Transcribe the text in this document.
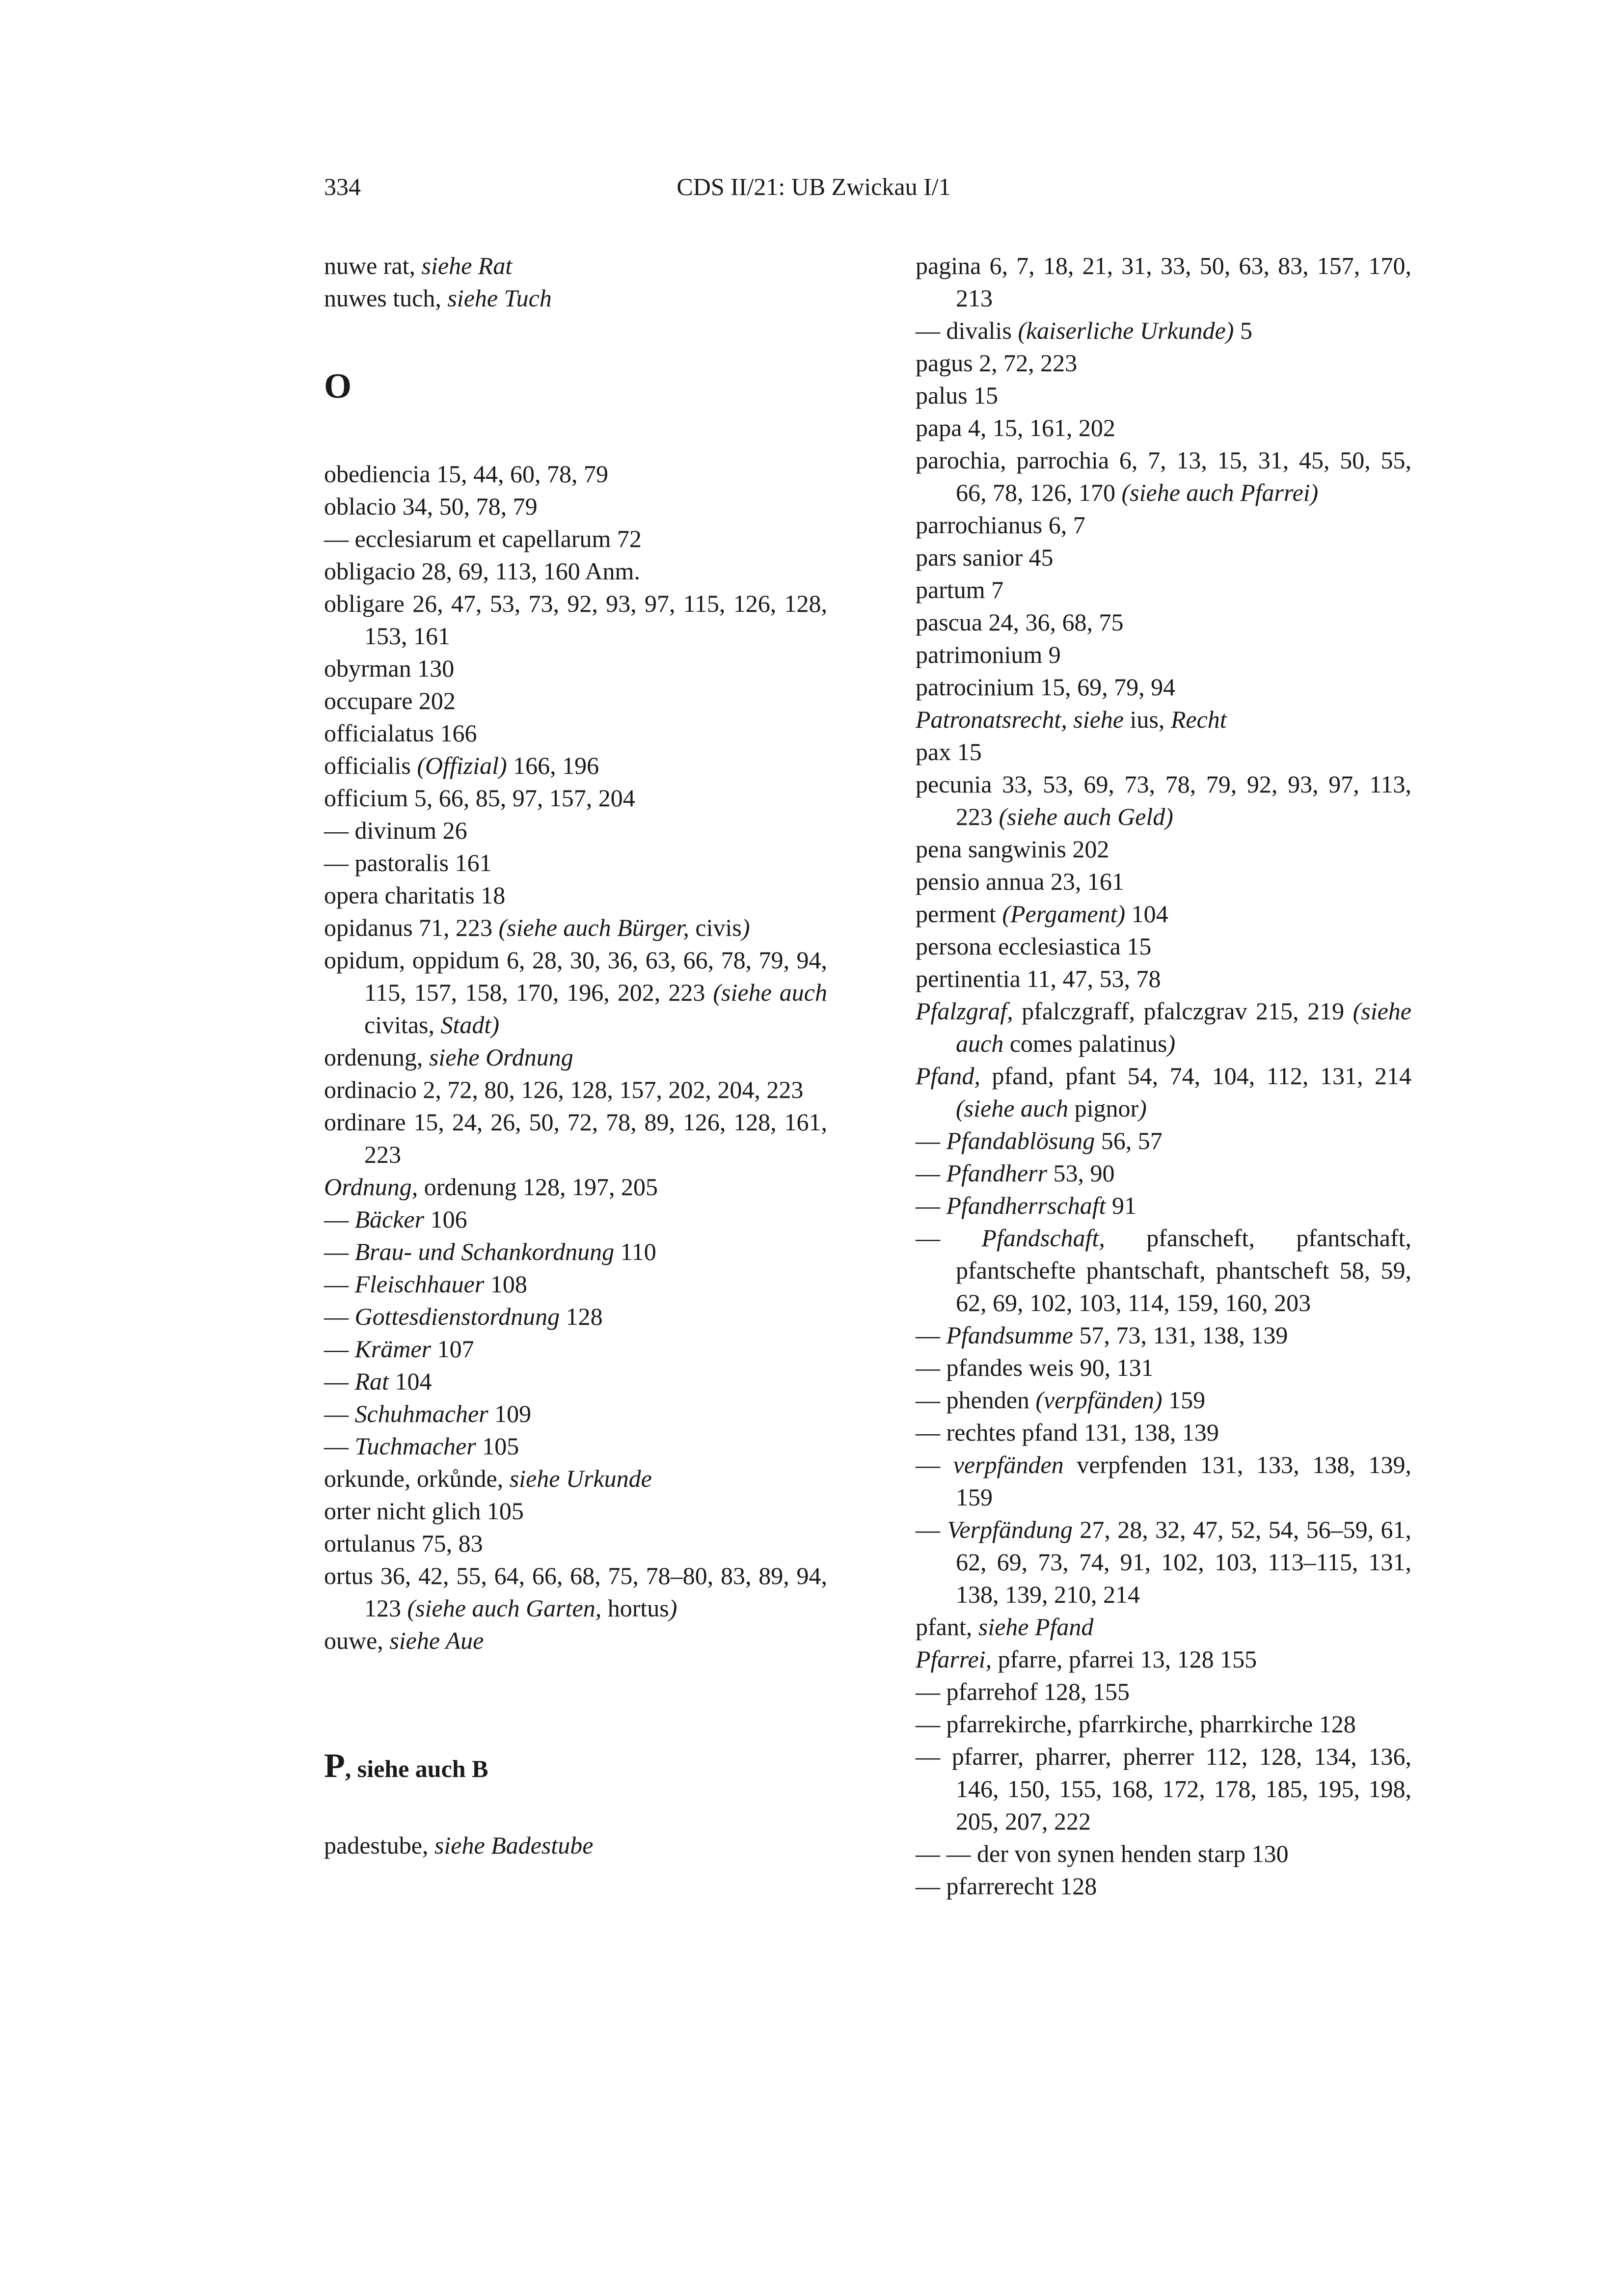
334	CDS II/21: UB Zwickau I/1
nuwe rat, siehe Rat
nuwes tuch, siehe Tuch
O
obediencia 15, 44, 60, 78, 79
oblacio 34, 50, 78, 79
— ecclesiarum et capellarum 72
obligacio 28, 69, 113, 160 Anm.
obligare 26, 47, 53, 73, 92, 93, 97, 115, 126, 128, 153, 161
obyrman 130
occupare 202
officialatus 166
officialis (Offizial) 166, 196
officium 5, 66, 85, 97, 157, 204
— divinum 26
— pastoralis 161
opera charitatis 18
opidanus 71, 223 (siehe auch Bürger, civis)
opidum, oppidum 6, 28, 30, 36, 63, 66, 78, 79, 94, 115, 157, 158, 170, 196, 202, 223 (siehe auch civitas, Stadt)
ordenung, siehe Ordnung
ordinacio 2, 72, 80, 126, 128, 157, 202, 204, 223
ordinare 15, 24, 26, 50, 72, 78, 89, 126, 128, 161, 223
Ordnung, ordenung 128, 197, 205
— Bäcker 106
— Brau- und Schankordnung 110
— Fleischhauer 108
— Gottesdienstordnung 128
— Krämer 107
— Rat 104
— Schuhmacher 109
— Tuchmacher 105
orkunde, orkůnde, siehe Urkunde
orter nicht glich 105
ortulanus 75, 83
ortus 36, 42, 55, 64, 66, 68, 75, 78–80, 83, 89, 94, 123 (siehe auch Garten, hortus)
ouwe, siehe Aue
P, siehe auch B
padestube, siehe Badestube
pagina 6, 7, 18, 21, 31, 33, 50, 63, 83, 157, 170, 213
— divalis (kaiserliche Urkunde) 5
pagus 2, 72, 223
palus 15
papa 4, 15, 161, 202
parochia, parrochia 6, 7, 13, 15, 31, 45, 50, 55, 66, 78, 126, 170 (siehe auch Pfarrei)
parrochianus 6, 7
pars sanior 45
partum 7
pascua 24, 36, 68, 75
patrimonium 9
patrocinium 15, 69, 79, 94
Patronatsrecht, siehe ius, Recht
pax 15
pecunia 33, 53, 69, 73, 78, 79, 92, 93, 97, 113, 223 (siehe auch Geld)
pena sangwinis 202
pensio annua 23, 161
perment (Pergament) 104
persona ecclesiastica 15
pertinentia 11, 47, 53, 78
Pfalzgraf, pfalczgraff, pfalczgrav 215, 219 (siehe auch comes palatinus)
Pfand, pfand, pfant 54, 74, 104, 112, 131, 214 (siehe auch pignor)
— Pfandablösung 56, 57
— Pfandherr 53, 90
— Pfandherrschaft 91
— Pfandschaft, pfanscheft, pfantschaft, pfantschefte phantschaft, phantscheft 58, 59, 62, 69, 102, 103, 114, 159, 160, 203
— Pfandsumme 57, 73, 131, 138, 139
— pfandes weis 90, 131
— phenden (verpfänden) 159
— rechtes pfand 131, 138, 139
— verpfänden verpfenden 131, 133, 138, 139, 159
— Verpfändung 27, 28, 32, 47, 52, 54, 56–59, 61, 62, 69, 73, 74, 91, 102, 103, 113–115, 131, 138, 139, 210, 214
pfant, siehe Pfand
Pfarrei, pfarre, pfarrei 13, 128 155
— pfarrehof 128, 155
— pfarrekirche, pfarrkirche, pharrkirche 128
— pfarrer, pharrer, pherrer 112, 128, 134, 136, 146, 150, 155, 168, 172, 178, 185, 195, 198, 205, 207, 222
— — der von synen henden starp 130
— pfarrerecht 128
